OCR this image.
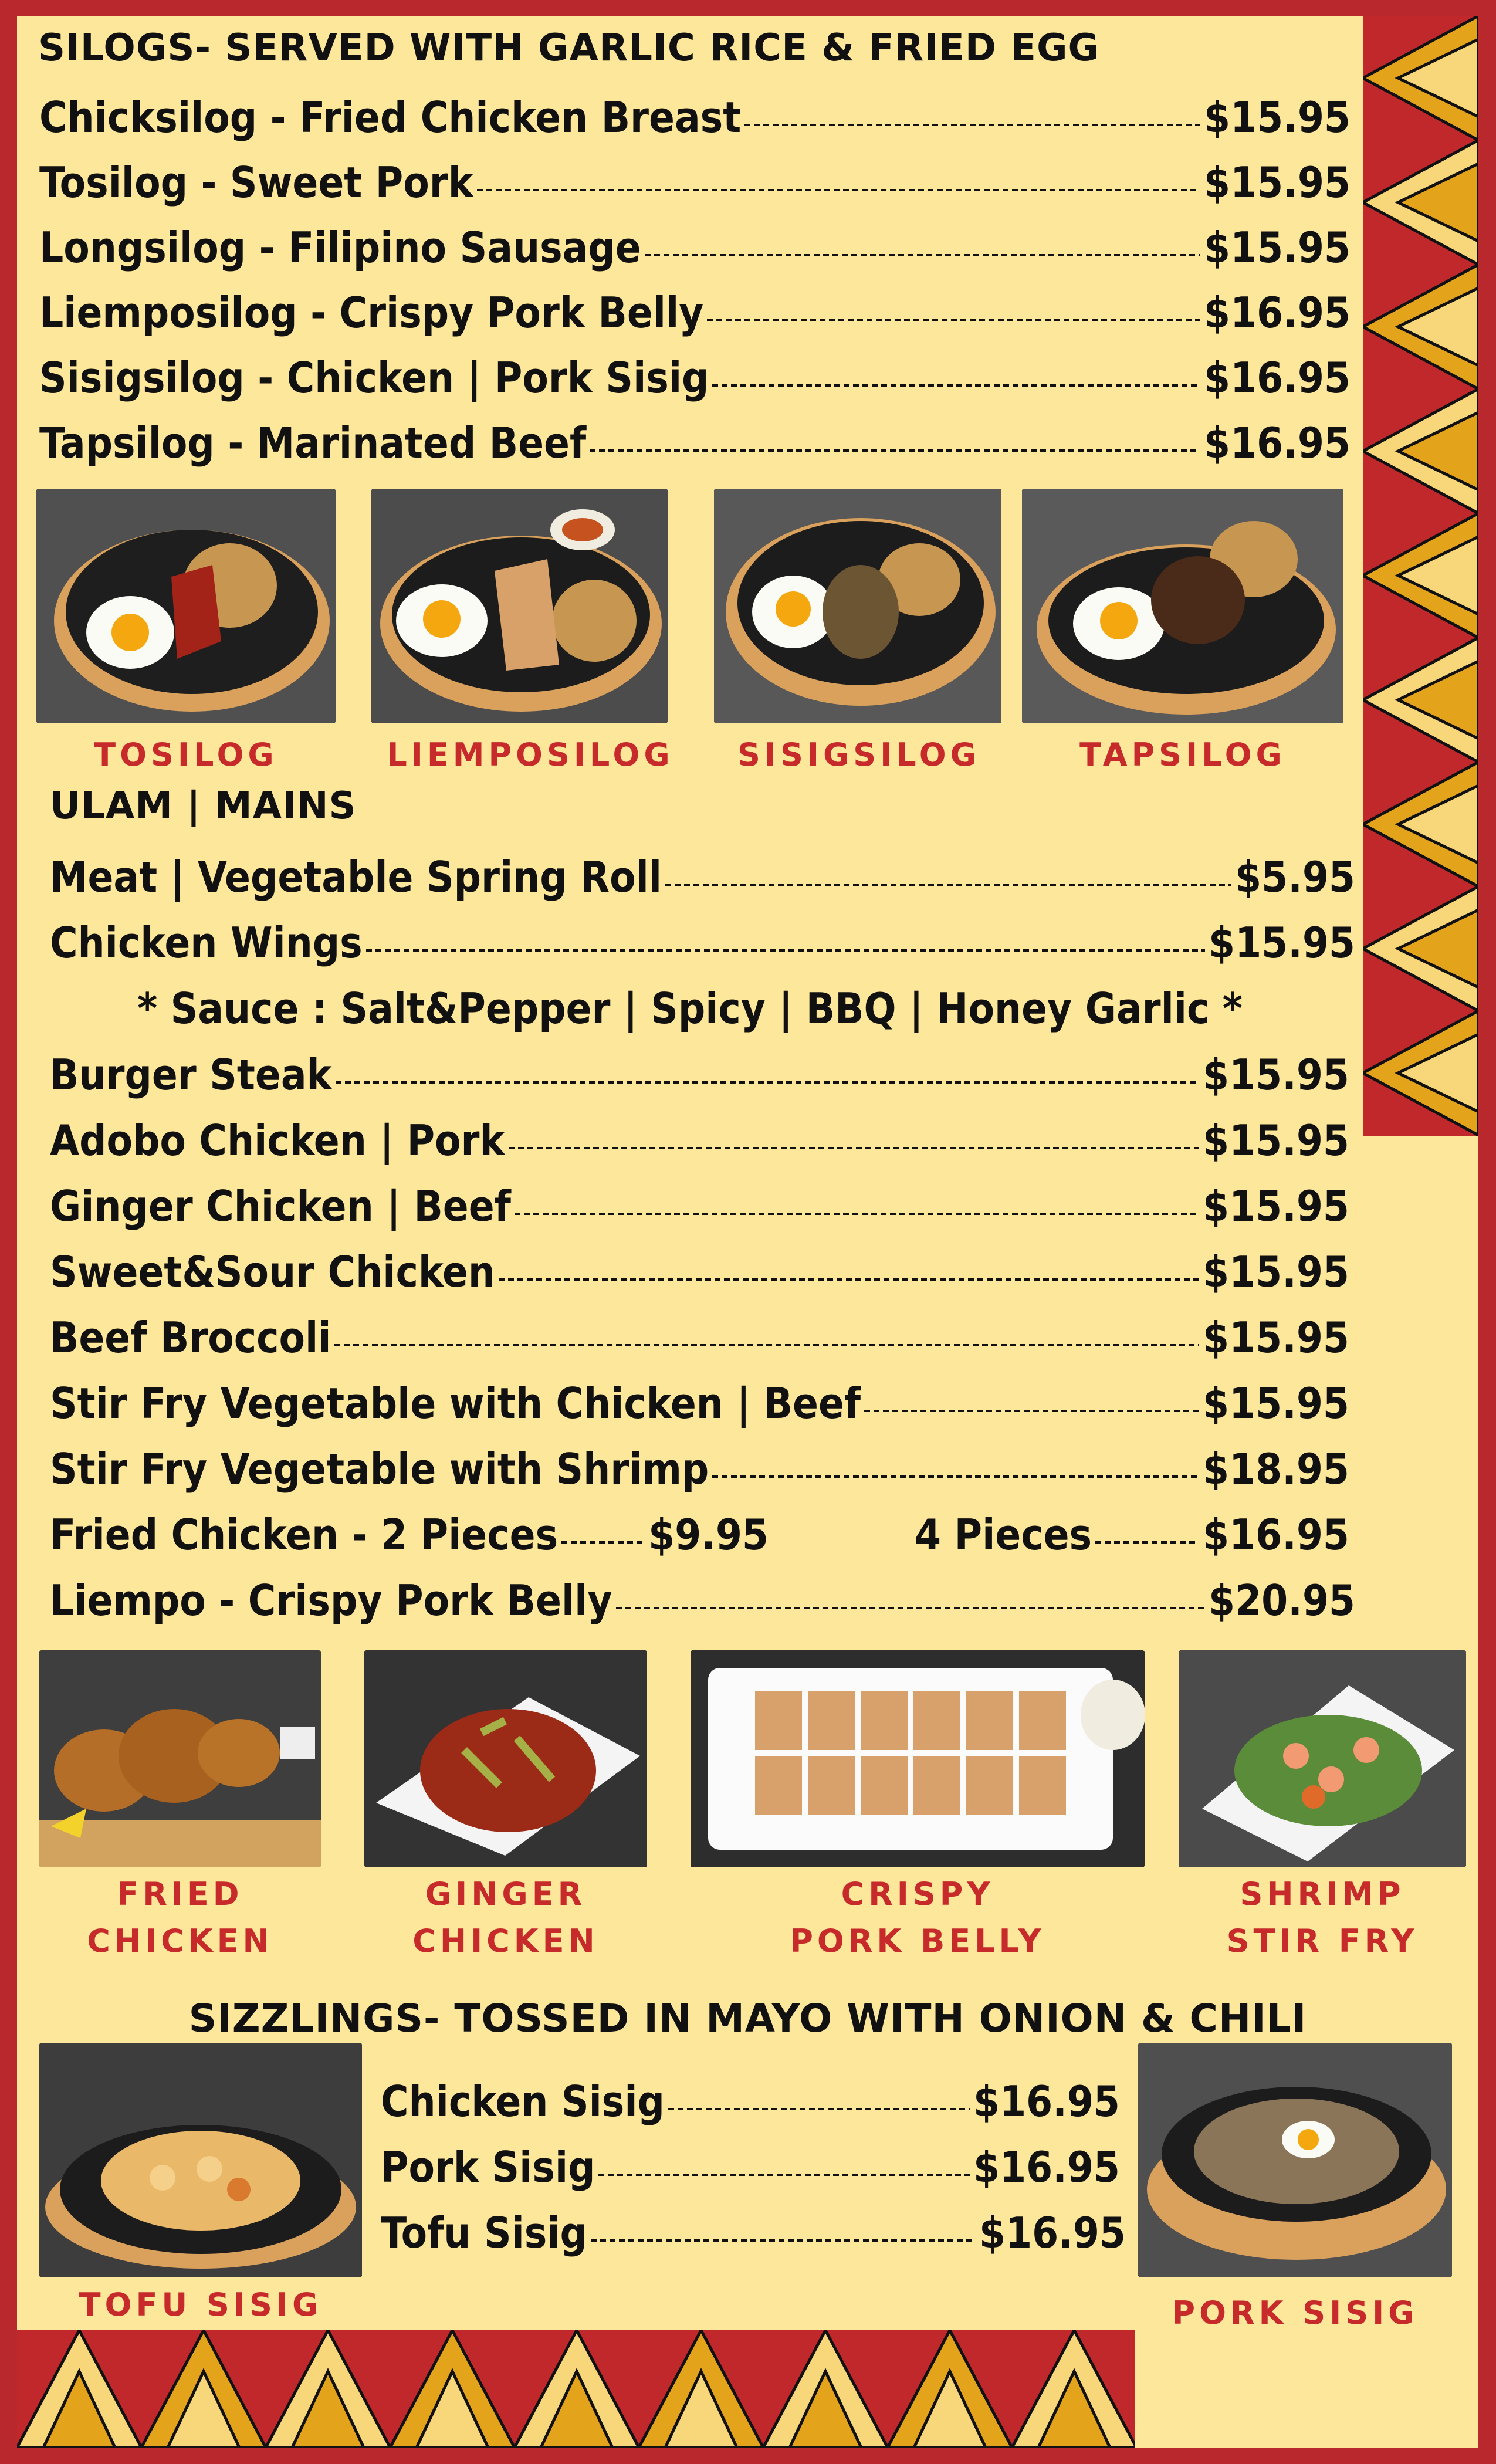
SILOGS- SERVED WITH GARLIC RICE & FRIED EGG
Chicksilog - Fried Chicken Breast	$15.95
Tosilog - Sweet Pork	$15.95
Longsilog - Filipino Sausage	$15.95
Liemposilog - Crispy Pork Belly	$16.95
Sisigsilog - Chicken | Pork Sisig	$16.95
Tapsilog - Marinated Beef	$16.95
TOSILOG	LIEMPOSILOG	SISIGSILOG	TAPSILOG
ULAM | MAINS
Meat | Vegetable Spring Roll	$5.95
Chicken Wings	$15.95
* Sauce : Salt&Pepper | Spicy | BBQ | Honey Garlic *
Burger Steak	$15.95
Adobo Chicken | Pork	$15.95
Ginger Chicken | Beef	$15.95
Sweet&Sour Chicken	$15.95
Beef Broccoli	$15.95
Stir Fry Vegetable with Chicken | Beef	$15.95
Stir Fry Vegetable with Shrimp	$18.95
Fried Chicken - 2 Pieces $9.95	4 Pieces	$16.95
Liempo - Crispy Pork Belly	$20.95
FRIED
CHICKEN
GINGER
CHICKEN
CRISPY
PORK BELLY
SHRIMP
STIR FRY
SIZZLINGS- TOSSED IN MAYO WITH ONION & CHILI
Chicken Sisig	$16.95
Pork Sisig	$16.95
Tofu Sisig	$16.95
TOFU SISIG	PORK SISIG
